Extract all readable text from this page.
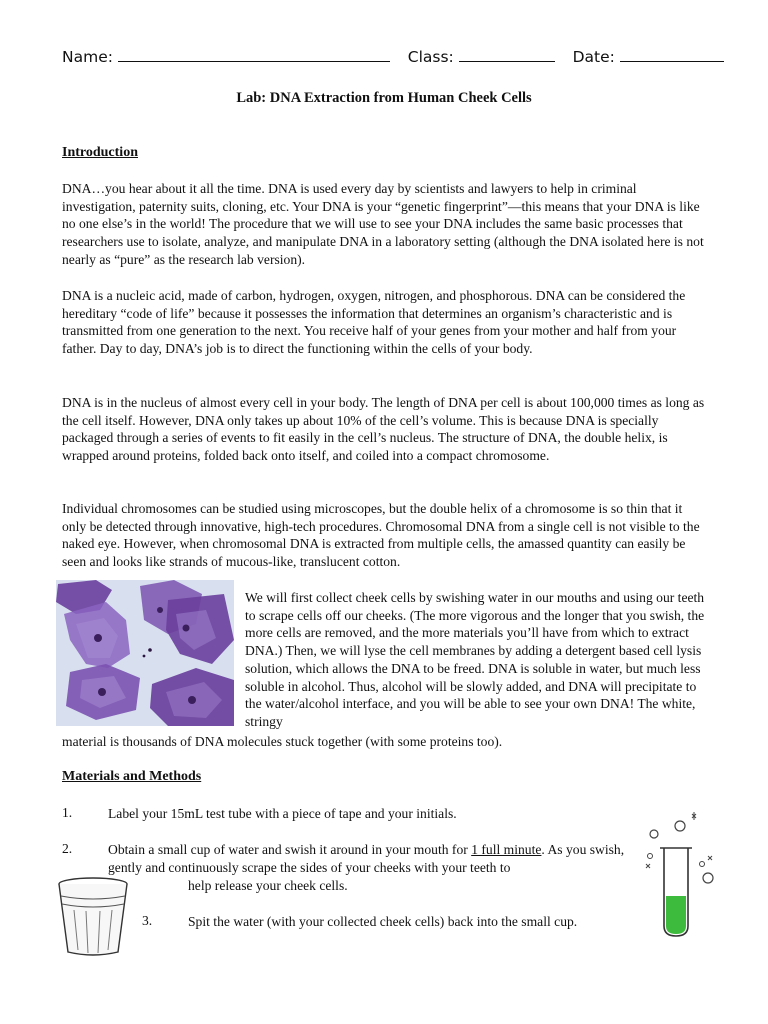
Name:	Class:	Date:
Lab: DNA Extraction from Human Cheek Cells
Introduction

DNA…you hear about it all the time. DNA is used every day by scientists and lawyers to help in criminal investigation, paternity suits, cloning, etc. Your DNA is your “genetic fingerprint”—this means that your DNA is like no one else’s in the world! The procedure that we will use to see your DNA includes the same basic processes that researchers use to isolate, analyze, and manipulate DNA in a laboratory setting (although the DNA isolated here is not nearly as “pure” as the research lab version).

DNA is a nucleic acid, made of carbon, hydrogen, oxygen, nitrogen, and phosphorous. DNA can be considered the hereditary “code of life” because it possesses the information that determines an organism’s characteristic and is transmitted from one generation to the next. You receive half of your genes from your mother and half from your father. Day to day, DNA’s job is to direct the functioning within the cells of your body.

DNA is in the nucleus of almost every cell in your body. The length of DNA per cell is about 100,000 times as long as the cell itself. However, DNA only takes up about 10% of the cell’s volume. This is because DNA is specially packaged through a series of events to fit easily in the cell’s nucleus. The structure of DNA, the double helix, is wrapped around proteins, folded back onto itself, and coiled into a compact chromosome.

Individual chromosomes can be studied using microscopes, but the double helix of a chromosome is so thin that it only be detected through innovative, high-tech procedures. Chromosomal DNA from a single cell is not visible to the naked eye. However, when chromosomal DNA is extracted from multiple cells, the amassed quantity can easily be seen and looks like strands of mucous-like, translucent cotton.

We will first collect cheek cells by swishing water in our mouths and using our teeth to scrape cells off our cheeks. (The more vigorous and the longer that you swish, the more cells are removed, and the more materials you’ll have from which to extract DNA.) Then, we will lyse the cell membranes by adding a detergent based cell lysis solution, which allows the DNA to be freed. DNA is soluble in water, but much less soluble in alcohol. Thus, alcohol will be slowly added, and DNA will precipitate to the water/alcohol interface, and you will be able to see your own DNA! The white, stringy

material is thousands of DNA molecules stuck together (with some proteins too).

Materials and Methods
1.	Label your 15mL test tube with a piece of tape and your initials.

2.	Obtain a small cup of water and swish it around in your mouth for 1 full minute. As you swish, gently and continuously scrape the sides of your cheeks with your teeth to

help release your cheek cells.

3.	Spit the water (with your collected cheek cells) back into the small cup.
